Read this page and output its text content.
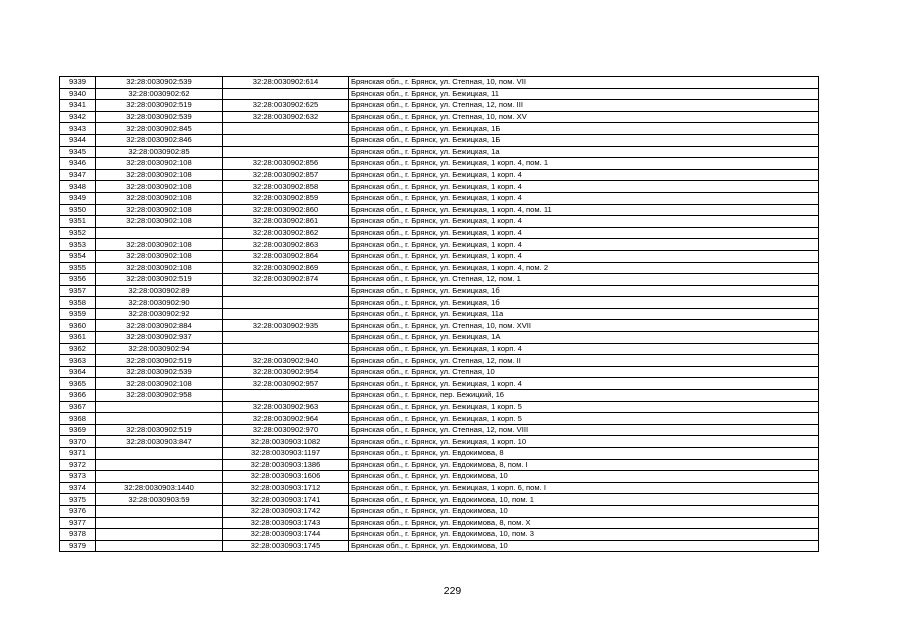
9339	32:28:0030902:539	32:28:0030902:614	Брянская обл., г. Брянск, ул. Степная, 10, пом. VII
9340	32:28:0030902:62		Брянская обл., г. Брянск, ул. Бежицкая, 11
9341	32:28:0030902:519	32:28:0030902:625	Брянская обл., г. Брянск, ул. Степная, 12, пом. III
9342	32:28:0030902:539	32:28:0030902:632	Брянская обл., г. Брянск, ул. Степная, 10, пом. XV
9343	32:28:0030902:845		Брянская обл., г. Брянск, ул. Бежицкая, 1Б
9344	32:28:0030902:846		Брянская обл., г. Брянск, ул. Бежицкая, 1Б
9345	32:28:0030902:85		Брянская обл., г. Брянск, ул. Бежицкая, 1а
9346	32:28:0030902:108	32:28:0030902:856	Брянская обл., г. Брянск, ул. Бежицкая, 1 корп. 4, пом. 1
9347	32:28:0030902:108	32:28:0030902:857	Брянская обл., г. Брянск, ул. Бежицкая, 1 корп. 4
9348	32:28:0030902:108	32:28:0030902:858	Брянская обл., г. Брянск, ул. Бежицкая, 1 корп. 4
9349	32:28:0030902:108	32:28:0030902:859	Брянская обл., г. Брянск, ул. Бежицкая, 1 корп. 4
9350	32:28:0030902:108	32:28:0030902:860	Брянская обл., г. Брянск, ул. Бежицкая, 1 корп. 4, пом. 11
9351	32:28:0030902:108	32:28:0030902:861	Брянская обл., г. Брянск, ул. Бежицкая, 1 корп. 4
9352		32:28:0030902:862	Брянская обл., г. Брянск, ул. Бежицкая, 1 корп. 4
9353	32:28:0030902:108	32:28:0030902:863	Брянская обл., г. Брянск, ул. Бежицкая, 1 корп. 4
9354	32:28:0030902:108	32:28:0030902:864	Брянская обл., г. Брянск, ул. Бежицкая, 1 корп. 4
9355	32:28:0030902:108	32:28:0030902:869	Брянская обл., г. Брянск, ул. Бежицкая, 1 корп. 4, пом. 2
9356	32:28:0030902:519	32:28:0030902:874	Брянская обл., г. Брянск, ул. Степная, 12, пом. 1
9357	32:28:0030902:89		Брянская обл., г. Брянск, ул. Бежицкая, 1б
9358	32:28:0030902:90		Брянская обл., г. Брянск, ул. Бежицкая, 1б
9359	32:28:0030902:92		Брянская обл., г. Брянск, ул. Бежицкая, 11а
9360	32:28:0030902:884	32:28:0030902:935	Брянская обл., г. Брянск, ул. Степная, 10, пом. XVII
9361	32:28:0030902:937		Брянская обл., г. Брянск, ул. Бежицкая, 1А
9362	32:28:0030902:94		Брянская обл., г. Брянск, ул. Бежицкая, 1 корп. 4
9363	32:28:0030902:519	32:28:0030902:940	Брянская обл., г. Брянск, ул. Степная, 12, пом. II
9364	32:28:0030902:539	32:28:0030902:954	Брянская обл., г. Брянск, ул. Степная, 10
9365	32:28:0030902:108	32:28:0030902:957	Брянская обл., г. Брянск, ул. Бежицкая, 1 корп. 4
9366	32:28:0030902:958		Брянская обл., г. Брянск, пер. Бежицкий, 16
9367		32:28:0030902:963	Брянская обл., г. Брянск, ул. Бежицкая, 1 корп. 5
9368		32:28:0030902:964	Брянская обл., г. Брянск, ул. Бежицкая, 1 корп. 5
9369	32:28:0030902:519	32:28:0030902:970	Брянская обл., г. Брянск, ул. Степная, 12, пом. VIII
9370	32:28:0030903:847	32:28:0030903:1082	Брянская обл., г. Брянск, ул. Бежицкая, 1 корп. 10
9371		32:28:0030903:1197	Брянская обл., г. Брянск, ул. Евдокимова, 8
9372		32:28:0030903:1386	Брянская обл., г. Брянск, ул. Евдокимова, 8, пом. I
9373		32:28:0030903:1606	Брянская обл., г. Брянск, ул. Евдокимова, 10
9374	32:28:0030903:1440	32:28:0030903:1712	Брянская обл., г. Брянск, ул. Бежицкая, 1 корп. 6, пом. I
9375	32:28:0030903:59	32:28:0030903:1741	Брянская обл., г. Брянск, ул. Евдокимова, 10, пом. 1
9376		32:28:0030903:1742	Брянская обл., г. Брянск, ул. Евдокимова, 10
9377		32:28:0030903:1743	Брянская обл., г. Брянск, ул. Евдокимова, 8, пом. X
9378		32:28:0030903:1744	Брянская обл., г. Брянск, ул. Евдокимова, 10, пом. 3
9379		32:28:0030903:1745	Брянская обл., г. Брянск, ул. Евдокимова, 10
229
